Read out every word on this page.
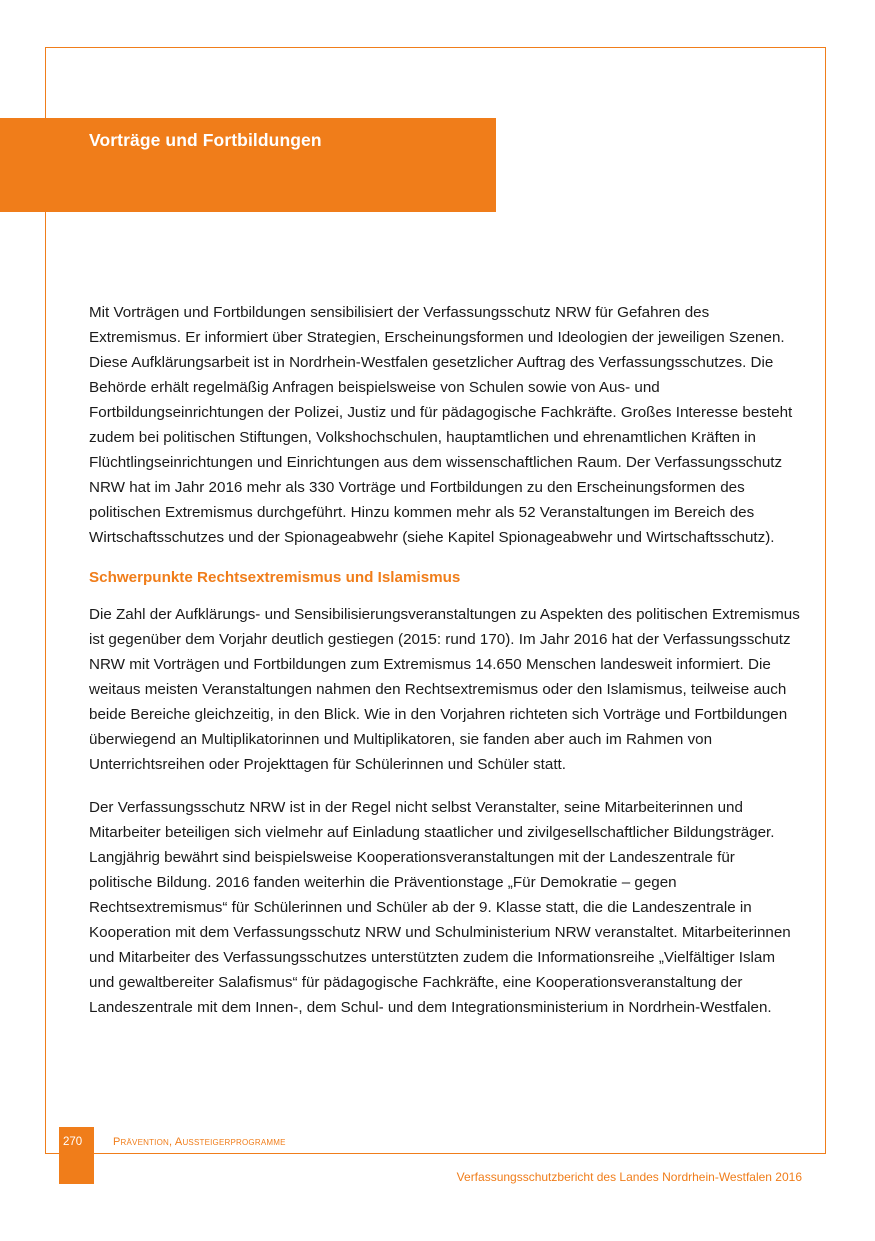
Vorträge und Fortbildungen

Mit Vorträgen und Fortbildungen sensibilisiert der Verfassungsschutz NRW für Gefahren des Extremismus. Er informiert über Strategien, Erscheinungsformen und Ideologien der jeweiligen Szenen. Diese Aufklärungsarbeit ist in Nordrhein-Westfalen gesetzlicher Auftrag des Verfassungsschutzes. Die Behörde erhält regelmäßig Anfragen beispielsweise von Schulen sowie von Aus- und Fortbildungseinrichtungen der Polizei, Justiz und für pädagogische Fachkräfte. Großes Interesse besteht zudem bei politischen Stiftungen, Volkshochschulen, hauptamtlichen und ehrenamtlichen Kräften in Flüchtlingseinrichtungen und Einrichtungen aus dem wissenschaftlichen Raum. Der Verfassungsschutz NRW hat im Jahr 2016 mehr als 330 Vorträge und Fortbildungen zu den Erscheinungsformen des politischen Extremismus durchgeführt. Hinzu kommen mehr als 52 Veranstaltungen im Bereich des Wirtschaftsschutzes und der Spionageabwehr (siehe Kapitel Spionageabwehr und Wirtschaftsschutz).

Schwerpunkte Rechtsextremismus und Islamismus

Die Zahl der Aufklärungs- und Sensibilisierungsveranstaltungen zu Aspekten des politischen Extremismus ist gegenüber dem Vorjahr deutlich gestiegen (2015: rund 170). Im Jahr 2016 hat der Verfassungsschutz NRW mit Vorträgen und Fortbildungen zum Extremismus 14.650 Menschen landesweit informiert. Die weitaus meisten Veranstaltungen nahmen den Rechtsextremismus oder den Islamismus, teilweise auch beide Bereiche gleichzeitig, in den Blick. Wie in den Vorjahren richteten sich Vorträge und Fortbildungen überwiegend an Multiplikatorinnen und Multiplikatoren, sie fanden aber auch im Rahmen von Unterrichtsreihen oder Projekttagen für Schülerinnen und Schüler statt.

Der Verfassungsschutz NRW ist in der Regel nicht selbst Veranstalter, seine Mitarbeiterinnen und Mitarbeiter beteiligen sich vielmehr auf Einladung staatlicher und zivilgesellschaftlicher Bildungsträger. Langjährig bewährt sind beispielsweise Kooperationsveranstaltungen mit der Landeszentrale für politische Bildung. 2016 fanden weiterhin die Präventionstage „Für Demokratie – gegen Rechtsextremismus“ für Schülerinnen und Schüler ab der 9. Klasse statt, die die Landeszentrale in Kooperation mit dem Verfassungsschutz NRW und Schulministerium NRW veranstaltet. Mitarbeiterinnen und Mitarbeiter des Verfassungsschutzes unterstützten zudem die Informationsreihe „Vielfältiger Islam und gewaltbereiter Salafismus“ für pädagogische Fachkräfte, eine Kooperationsveranstaltung der Landeszentrale mit dem Innen-, dem Schul- und dem Integrationsministerium in Nordrhein-Westfalen.

270	Prävention, Aussteigerprogramme
Verfassungsschutzbericht des Landes Nordrhein-Westfalen 2016
